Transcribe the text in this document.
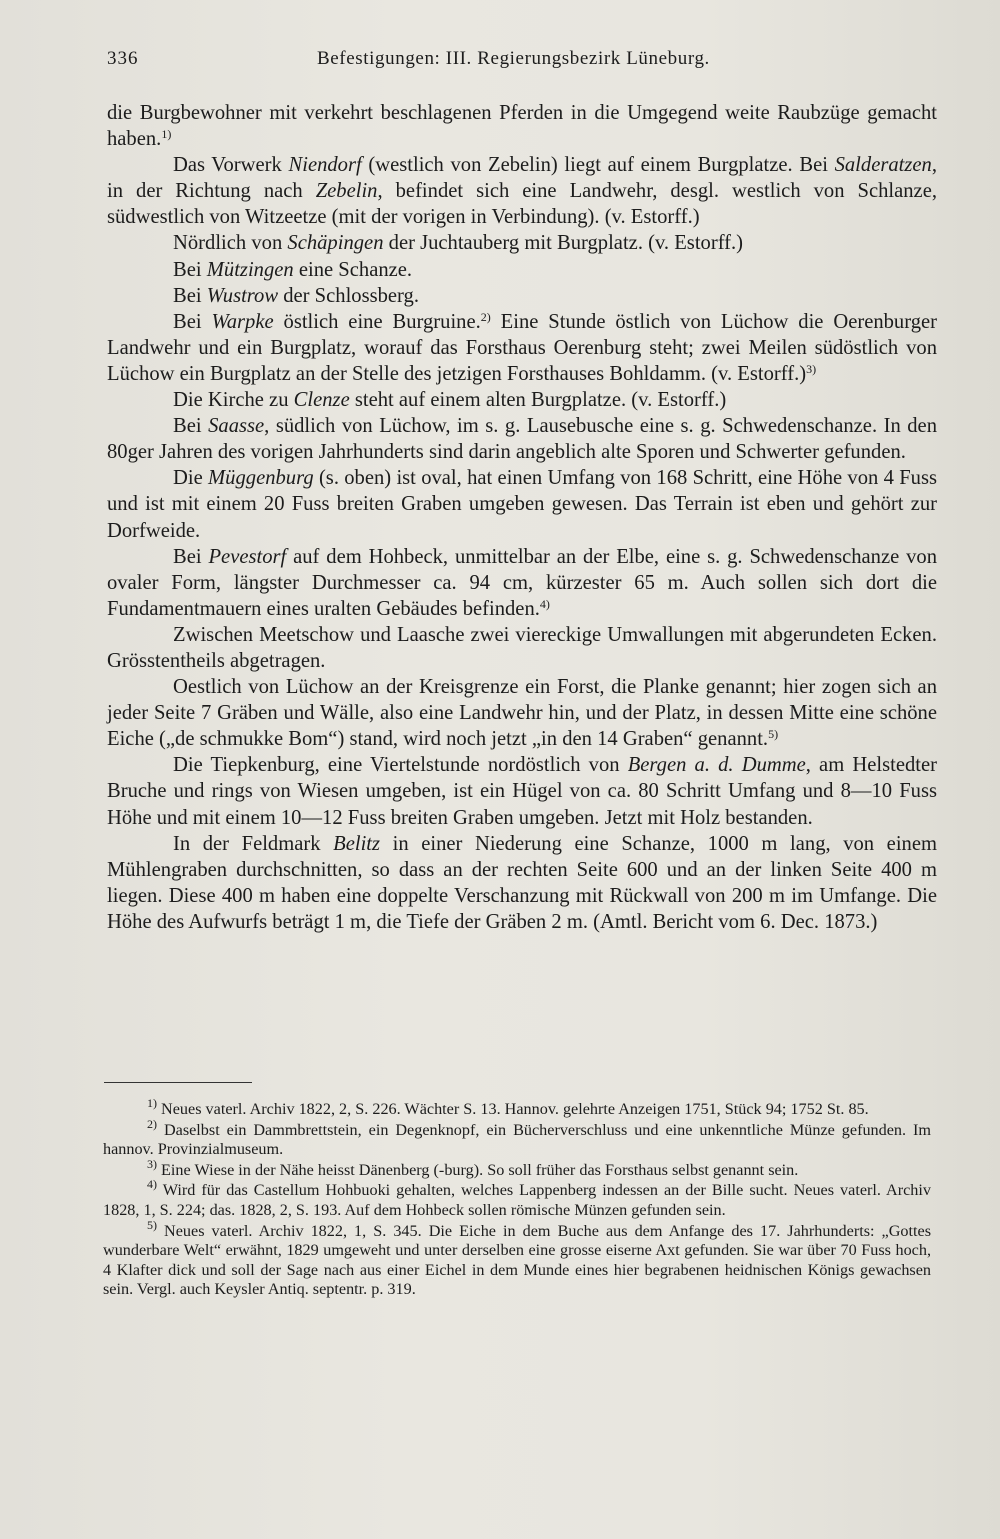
336	Befestigungen: III. Regierungsbezirk Lüneburg.

die Burgbewohner mit verkehrt beschlagenen Pferden in die Umgegend weite Raubzüge gemacht haben.$^{1)}$

Das Vorwerk Niendorf (westlich von Zebelin) liegt auf einem Burgplatze. Bei Salderatzen, in der Richtung nach Zebelin, befindet sich eine Landwehr, desgl. westlich von Schlanze, südwestlich von Witzeetze (mit der vorigen in Verbindung). (v. Estorff.)

Nördlich von Schäpingen der Juchtauberg mit Burgplatz. (v. Estorff.)

Bei Mützingen eine Schanze.

Bei Wustrow der Schlossberg.

Bei Warpke östlich eine Burgruine.$^{2)}$ Eine Stunde östlich von Lüchow die Oerenburger Landwehr und ein Burgplatz, worauf das Forsthaus Oerenburg steht; zwei Meilen südöstlich von Lüchow ein Burgplatz an der Stelle des jetzigen Forsthauses Bohldamm. (v. Estorff.)$^{3)}$

Die Kirche zu Clenze steht auf einem alten Burgplatze. (v. Estorff.)

Bei Saasse, südlich von Lüchow, im s. g. Lausebusche eine s. g. Schwedenschanze. In den 80ger Jahren des vorigen Jahrhunderts sind darin angeblich alte Sporen und Schwerter gefunden.

Die Müggenburg (s. oben) ist oval, hat einen Umfang von 168 Schritt, eine Höhe von 4 Fuss und ist mit einem 20 Fuss breiten Graben umgeben gewesen. Das Terrain ist eben und gehört zur Dorfweide.

Bei Pevestorf auf dem Hohbeck, unmittelbar an der Elbe, eine s. g. Schwedenschanze von ovaler Form, längster Durchmesser ca. 94 cm, kürzester 65 m. Auch sollen sich dort die Fundamentmauern eines uralten Gebäudes befinden.$^{4)}$

Zwischen Meetschow und Laasche zwei viereckige Umwallungen mit abgerundeten Ecken. Grösstentheils abgetragen.

Oestlich von Lüchow an der Kreisgrenze ein Forst, die Planke genannt; hier zogen sich an jeder Seite 7 Gräben und Wälle, also eine Landwehr hin, und der Platz, in dessen Mitte eine schöne Eiche („de schmukke Bom“) stand, wird noch jetzt „in den 14 Graben“ genannt.$^{5)}$

Die Tiepkenburg, eine Viertelstunde nordöstlich von Bergen a. d. Dumme, am Helstedter Bruche und rings von Wiesen umgeben, ist ein Hügel von ca. 80 Schritt Umfang und 8—10 Fuss Höhe und mit einem 10—12 Fuss breiten Graben umgeben. Jetzt mit Holz bestanden.

In der Feldmark Belitz in einer Niederung eine Schanze, 1000 m lang, von einem Mühlengraben durchschnitten, so dass an der rechten Seite 600 und an der linken Seite 400 m liegen. Diese 400 m haben eine doppelte Verschanzung mit Rückwall von 200 m im Umfange. Die Höhe des Aufwurfs beträgt 1 m, die Tiefe der Gräben 2 m. (Amtl. Bericht vom 6. Dec. 1873.)

$^{1)}$ Neues vaterl. Archiv 1822, 2, S. 226. Wächter S. 13. Hannov. gelehrte Anzeigen 1751, Stück 94; 1752 St. 85.

$^{2)}$ Daselbst ein Dammbrettstein, ein Degenknopf, ein Bücherverschluss und eine unkenntliche Münze gefunden. Im hannov. Provinzialmuseum.

$^{3)}$ Eine Wiese in der Nähe heisst Dänenberg (-burg). So soll früher das Forsthaus selbst genannt sein.

$^{4)}$ Wird für das Castellum Hohbuoki gehalten, welches Lappenberg indessen an der Bille sucht. Neues vaterl. Archiv 1828, 1, S. 224; das. 1828, 2, S. 193. Auf dem Hohbeck sollen römische Münzen gefunden sein.

$^{5)}$ Neues vaterl. Archiv 1822, 1, S. 345. Die Eiche in dem Buche aus dem Anfange des 17. Jahrhunderts: „Gottes wunderbare Welt“ erwähnt, 1829 umgeweht und unter derselben eine grosse eiserne Axt gefunden. Sie war über 70 Fuss hoch, 4 Klafter dick und soll der Sage nach aus einer Eichel in dem Munde eines hier begrabenen heidnischen Königs gewachsen sein. Vergl. auch Keysler Antiq. septentr. p. 319.
